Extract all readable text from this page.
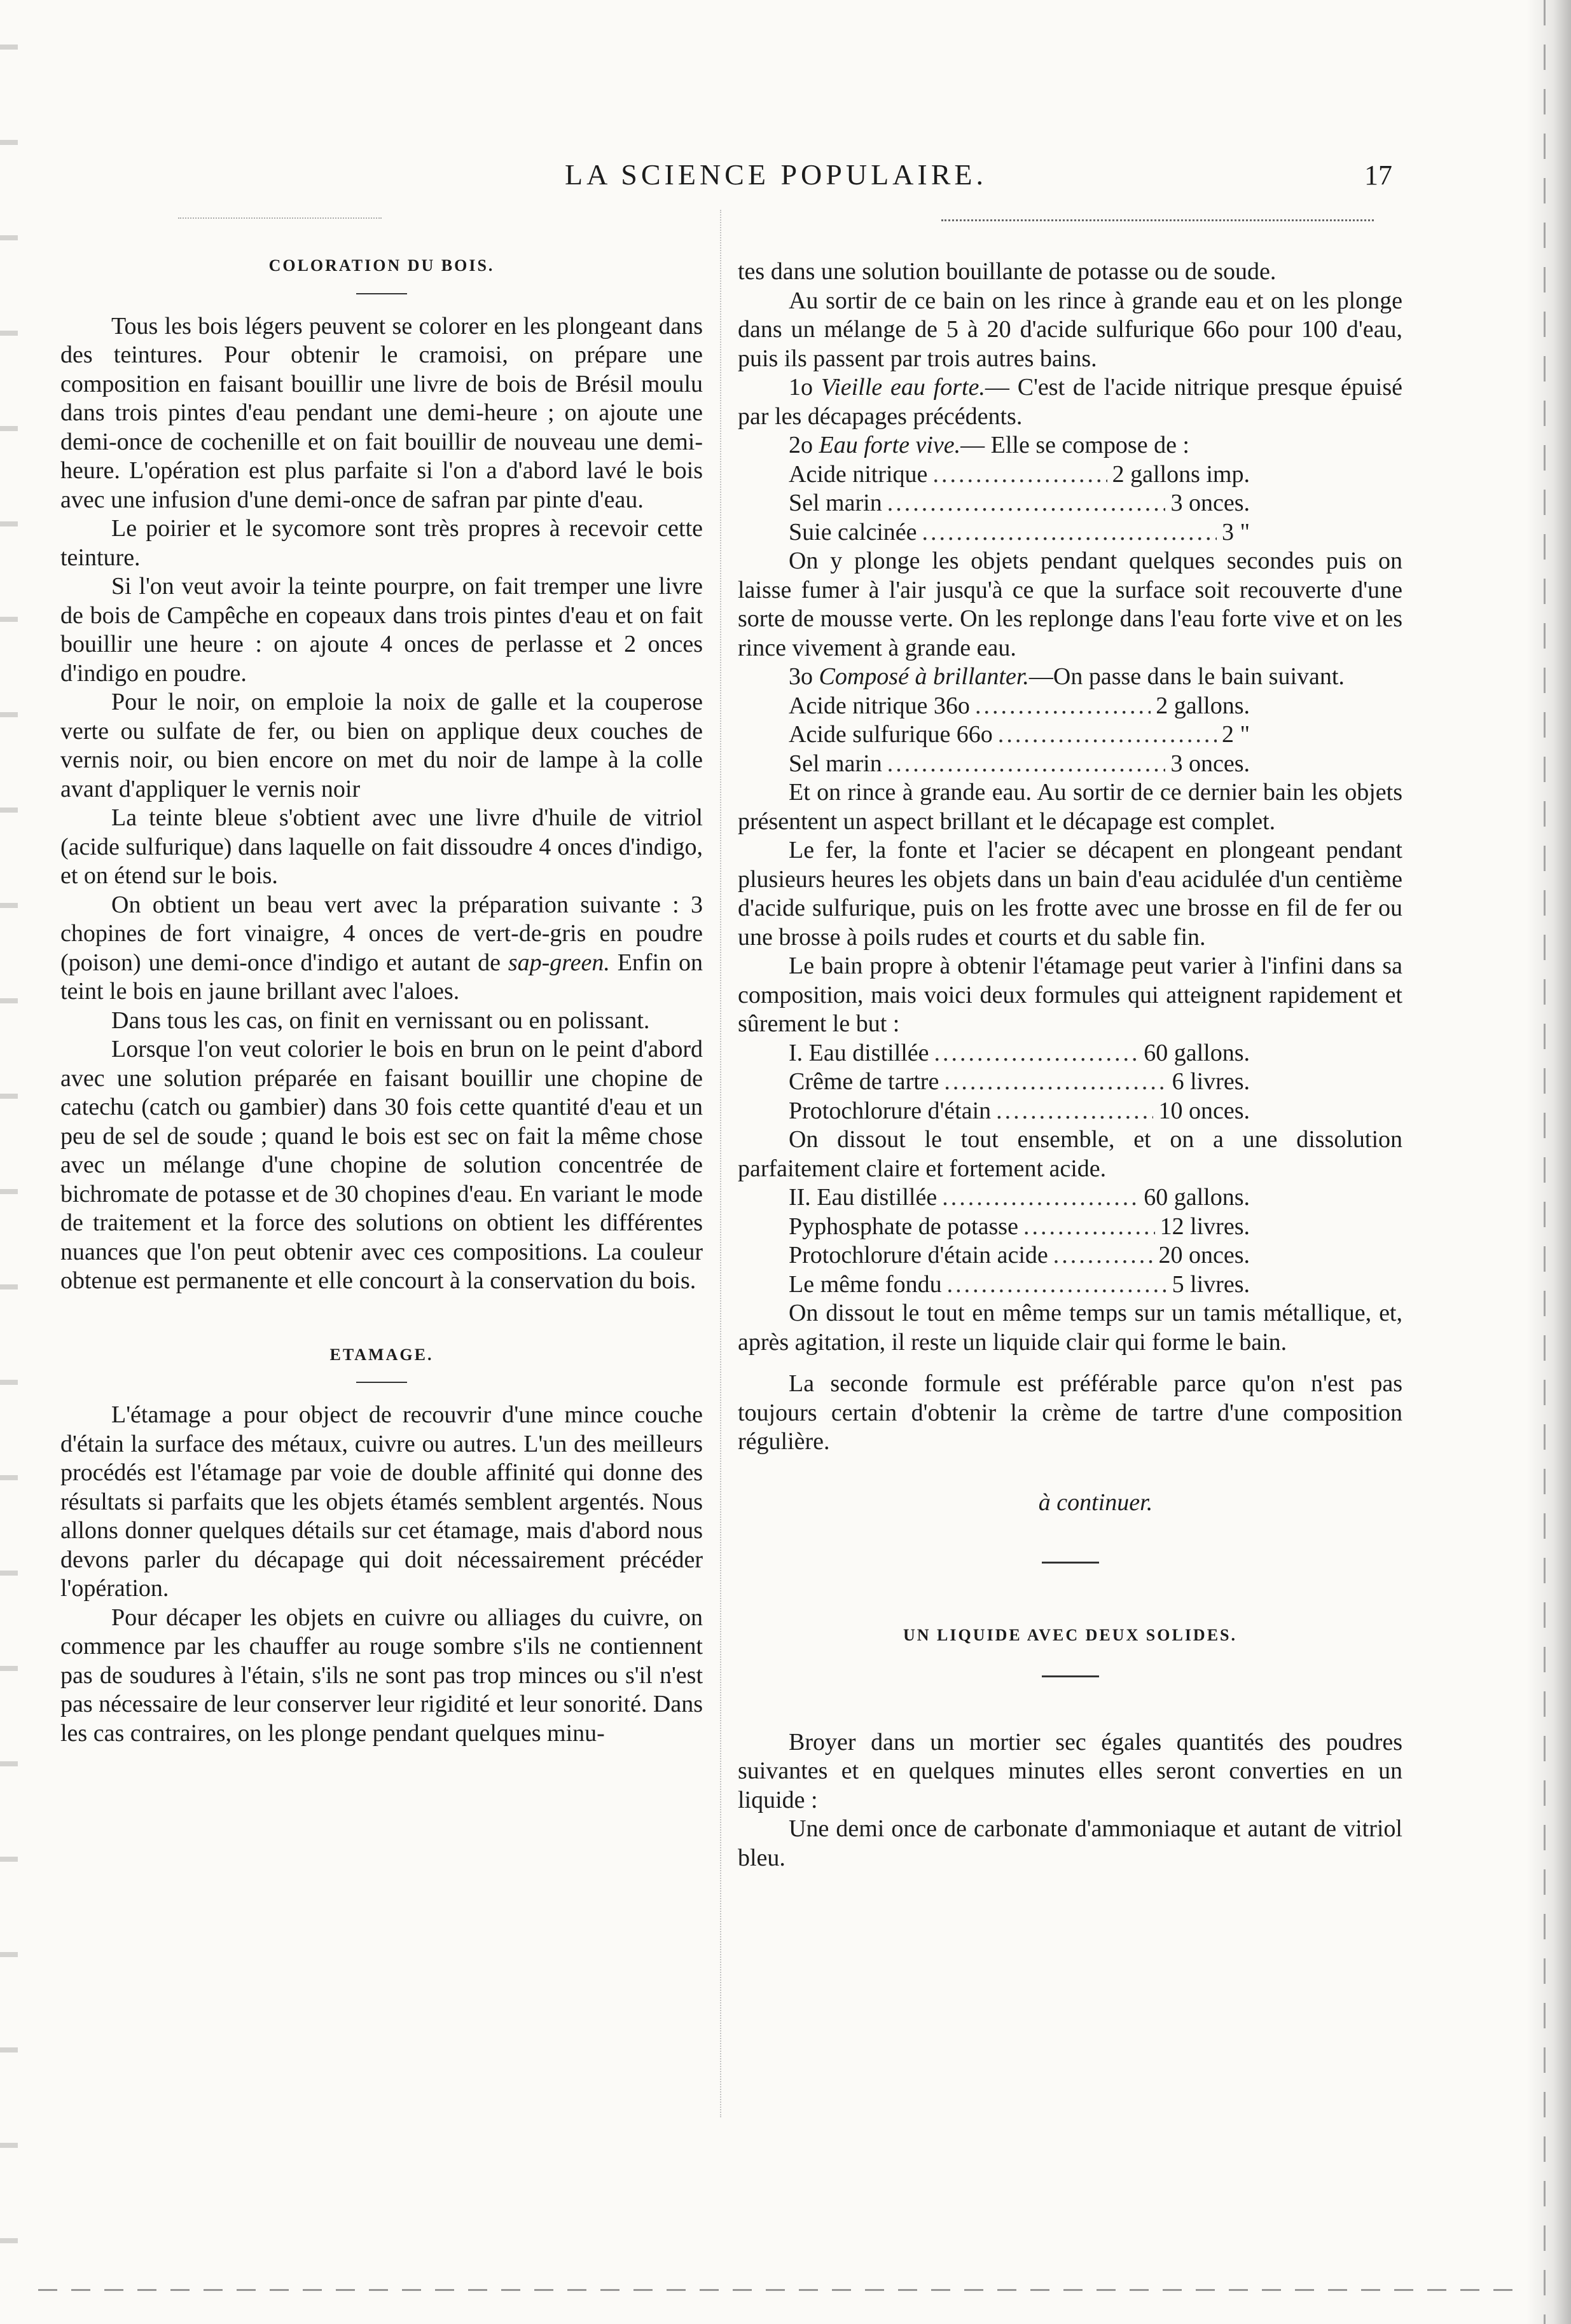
LA SCIENCE POPULAIRE.	17
COLORATION DU BOIS.

Tous les bois légers peuvent se colorer en les plongeant dans des teintures. Pour obtenir le cramoisi, on prépare une composition en faisant bouillir une livre de bois de Brésil moulu dans trois pintes d'eau pendant une demi-heure ; on ajoute une demi-once de cochenille et on fait bouillir de nouveau une demi-heure. L'opération est plus parfaite si l'on a d'abord lavé le bois avec une infusion d'une demi-once de safran par pinte d'eau.

Le poirier et le sycomore sont très propres à recevoir cette teinture.

Si l'on veut avoir la teinte pourpre, on fait tremper une livre de bois de Campêche en copeaux dans trois pintes d'eau et on fait bouillir une heure : on ajoute 4 onces de perlasse et 2 onces d'indigo en poudre.

Pour le noir, on emploie la noix de galle et la couperose verte ou sulfate de fer, ou bien on applique deux couches de vernis noir, ou bien encore on met du noir de lampe à la colle avant d'appliquer le vernis noir

La teinte bleue s'obtient avec une livre d'huile de vitriol (acide sulfurique) dans laquelle on fait dissoudre 4 onces d'indigo, et on étend sur le bois.

On obtient un beau vert avec la préparation suivante : 3 chopines de fort vinaigre, 4 onces de vert-de-gris en poudre (poison) une demi-once d'indigo et autant de sap-green. Enfin on teint le bois en jaune brillant avec l'aloes.

Dans tous les cas, on finit en vernissant ou en polissant.

Lorsque l'on veut colorier le bois en brun on le peint d'abord avec une solution préparée en faisant bouillir une chopine de catechu (catch ou gambier) dans 30 fois cette quantité d'eau et un peu de sel de soude ; quand le bois est sec on fait la même chose avec un mélange d'une chopine de solution concentrée de bichromate de potasse et de 30 chopines d'eau. En variant le mode de traitement et la force des solutions on obtient les différentes nuances que l'on peut obtenir avec ces compositions. La couleur obtenue est permanente et elle concourt à la conservation du bois.

ETAMAGE.

L'étamage a pour object de recouvrir d'une mince couche d'étain la surface des métaux, cuivre ou autres. L'un des meilleurs procédés est l'étamage par voie de double affinité qui donne des résultats si parfaits que les objets étamés semblent argentés. Nous allons donner quelques détails sur cet étamage, mais d'abord nous devons parler du décapage qui doit nécessairement précéder l'opération.

Pour décaper les objets en cuivre ou alliages du cuivre, on commence par les chauffer au rouge sombre s'ils ne contiennent pas de soudures à l'étain, s'ils ne sont pas trop minces ou s'il n'est pas nécessaire de leur conserver leur rigidité et leur sonorité. Dans les cas contraires, on les plonge pendant quelques minu-

tes dans une solution bouillante de potasse ou de soude.

Au sortir de ce bain on les rince à grande eau et on les plonge dans un mélange de 5 à 20 d'acide sulfurique 66o pour 100 d'eau, puis ils passent par trois autres bains.

1o Vieille eau forte.— C'est de l'acide nitrique presque épuisé par les décapages précédents.

2o Eau forte vive.— Elle se compose de :

Acide nitrique .....	2 gallons imp.
Sel marin .....	3 onces.
Suie calcinée .....	3 "

On y plonge les objets pendant quelques secondes puis on laisse fumer à l'air jusqu'à ce que la surface soit recouverte d'une sorte de mousse verte. On les replonge dans l'eau forte vive et on les rince vivement à grande eau.

3o Composé à brillanter.—On passe dans le bain suivant.

Acide nitrique 36o .....	2 gallons.
Acide sulfurique 66o .....	2 "
Sel marin .....	3 onces.

Et on rince à grande eau. Au sortir de ce dernier bain les objets présentent un aspect brillant et le décapage est complet.

Le fer, la fonte et l'acier se décapent en plongeant pendant plusieurs heures les objets dans un bain d'eau acidulée d'un centième d'acide sulfurique, puis on les frotte avec une brosse en fil de fer ou une brosse à poils rudes et courts et du sable fin.

Le bain propre à obtenir l'étamage peut varier à l'infini dans sa composition, mais voici deux formules qui atteignent rapidement et sûrement le but :

I. Eau distillée .....	60 gallons.
Crême de tartre .....	6 livres.
Protochlorure d'étain .....	10 onces.

On dissout le tout ensemble, et on a une dissolution parfaitement claire et fortement acide.

II. Eau distillée .....	60 gallons.
Pyphosphate de potasse .....	12 livres.
Protochlorure d'étain acide .....	20 onces.
Le même fondu .....	5 livres.

On dissout le tout en même temps sur un tamis métallique, et, après agitation, il reste un liquide clair qui forme le bain.

La seconde formule est préférable parce qu'on n'est pas toujours certain d'obtenir la crème de tartre d'une composition régulière.

à continuer.

UN LIQUIDE AVEC DEUX SOLIDES.

Broyer dans un mortier sec égales quantités des poudres suivantes et en quelques minutes elles seront converties en un liquide :

Une demi once de carbonate d'ammoniaque et autant de vitriol bleu.
